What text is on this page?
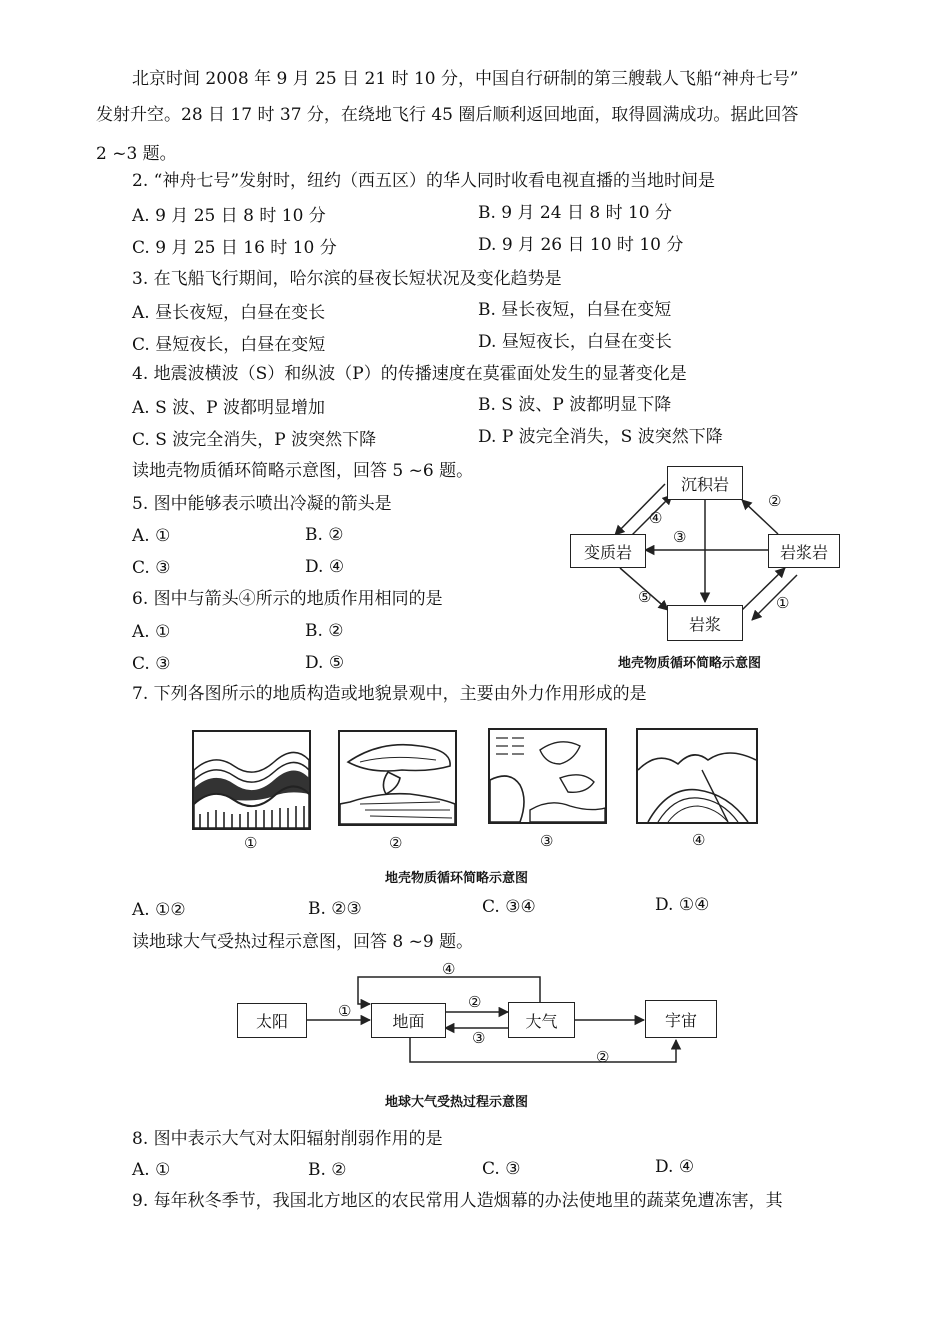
北京时间 2008 年 9 月 25 日 21 时 10 分，中国自行研制的第三艘载人飞船“神舟七号”
发射升空。28 日 17 时 37 分，在绕地飞行 45 圈后顺利返回地面，取得圆满成功。据此回答
2 ~3 题。
2. “神舟七号”发射时，纽约（西五区）的华人同时收看电视直播的当地时间是
A. 9 月 25 日 8 时 10 分	B. 9 月 24 日 8 时 10 分
C. 9 月 25 日 16 时 10 分	D. 9 月 26 日 10 时 10 分
3. 在飞船飞行期间，哈尔滨的昼夜长短状况及变化趋势是
A. 昼长夜短，白昼在变长	B. 昼长夜短，白昼在变短
C. 昼短夜长，白昼在变短	D. 昼短夜长，白昼在变长
4. 地震波横波（S）和纵波（P）的传播速度在莫霍面处发生的显著变化是
A. S 波、P 波都明显增加	B. S 波、P 波都明显下降
C. S 波完全消失，P 波突然下降	D. P 波完全消失，S 波突然下降
读地壳物质循环简略示意图，回答 5 ~6 题。
5. 图中能够表示喷出冷凝的箭头是
A. ①	B. ②
C. ③	D. ④
6. 图中与箭头④所示的地质作用相同的是
A. ①	B. ②
C. ③	D. ⑤
沉积岩
变质岩	岩浆岩
岩浆
②
④
③
⑤	①
地壳物质循环简略示意图
7. 下列各图所示的地质构造或地貌景观中，主要由外力作用形成的是
①	②	③	④
地壳物质循环简略示意图
A. ①②	B. ②③	C. ③④	D. ①④
读地球大气受热过程示意图，回答 8 ~9 题。
太阳	地面	大气	宇宙
④
①	②
③
②
地球大气受热过程示意图
8. 图中表示大气对太阳辐射削弱作用的是
A. ①	B. ②	C. ③	D. ④
9. 每年秋冬季节，我国北方地区的农民常用人造烟幕的办法使地里的蔬菜免遭冻害，其
